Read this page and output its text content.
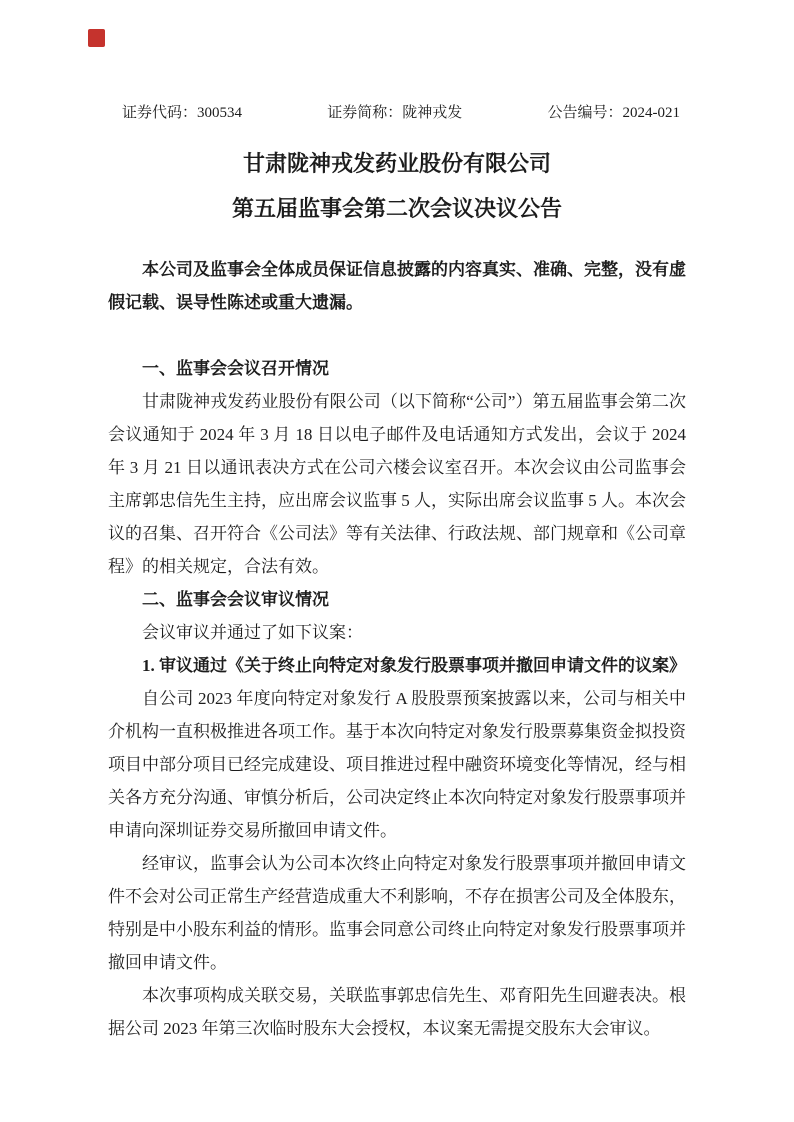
证券代码：300534	证券简称：陇神戎发	公告编号：2024-021
甘肃陇神戎发药业股份有限公司
第五届监事会第二次会议决议公告

本公司及监事会全体成员保证信息披露的内容真实、准确、完整，没有虚假记载、误导性陈述或重大遗漏。

一、监事会会议召开情况

甘肃陇神戎发药业股份有限公司（以下简称“公司”）第五届监事会第二次会议通知于 2024 年 3 月 18 日以电子邮件及电话通知方式发出，会议于 2024 年 3 月 21 日以通讯表决方式在公司六楼会议室召开。本次会议由公司监事会主席郭忠信先生主持，应出席会议监事 5 人，实际出席会议监事 5 人。本次会议的召集、召开符合《公司法》等有关法律、行政法规、部门规章和《公司章程》的相关规定，合法有效。

二、监事会会议审议情况

会议审议并通过了如下议案：

1. 审议通过《关于终止向特定对象发行股票事项并撤回申请文件的议案》

自公司 2023 年度向特定对象发行 A 股股票预案披露以来，公司与相关中介机构一直积极推进各项工作。基于本次向特定对象发行股票募集资金拟投资项目中部分项目已经完成建设、项目推进过程中融资环境变化等情况，经与相关各方充分沟通、审慎分析后，公司决定终止本次向特定对象发行股票事项并申请向深圳证券交易所撤回申请文件。

经审议，监事会认为公司本次终止向特定对象发行股票事项并撤回申请文件不会对公司正常生产经营造成重大不利影响，不存在损害公司及全体股东，特别是中小股东利益的情形。监事会同意公司终止向特定对象发行股票事项并撤回申请文件。

本次事项构成关联交易，关联监事郭忠信先生、邓育阳先生回避表决。根据公司 2023 年第三次临时股东大会授权，本议案无需提交股东大会审议。
